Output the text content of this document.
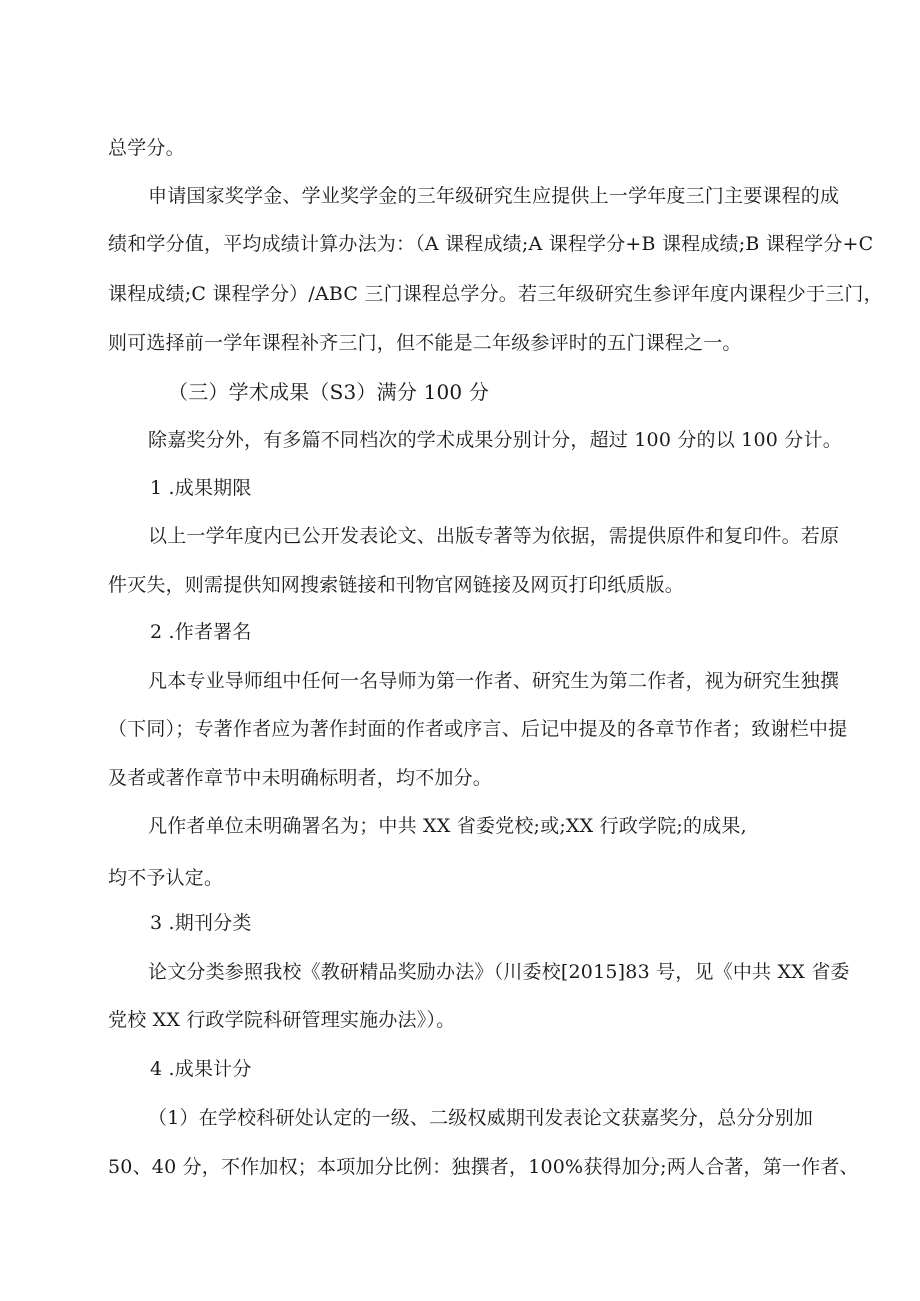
总学分。
申请国家奖学金、学业奖学金的三年级研究生应提供上一学年度三门主要课程的成
绩和学分值，平均成绩计算办法为：（A 课程成绩;A 课程学分+B 课程成绩;B 课程学分+C
课程成绩;C 课程学分）/ABC 三门课程总学分。若三年级研究生参评年度内课程少于三门，
则可选择前一学年课程补齐三门，但不能是二年级参评时的五门课程之一。
（三）学术成果（S3）满分 100 分
除嘉奖分外，有多篇不同档次的学术成果分别计分，超过 100 分的以 100 分计。
1 .成果期限
以上一学年度内已公开发表论文、出版专著等为依据，需提供原件和复印件。若原
件灭失，则需提供知网搜索链接和刊物官网链接及网页打印纸质版。
2 .作者署名
凡本专业导师组中任何一名导师为第一作者、研究生为第二作者，视为研究生独撰
（下同）；专著作者应为著作封面的作者或序言、后记中提及的各章节作者；致谢栏中提
及者或著作章节中未明确标明者，均不加分。
凡作者单位未明确署名为；中共 XX 省委党校;或;XX 行政学院;的成果,
均不予认定。
3 .期刊分类
论文分类参照我校《教研精品奖励办法》（川委校[2015]83 号，见《中共 XX 省委
党校 XX 行政学院科研管理实施办法》）。
4 .成果计分
（1）在学校科研处认定的一级、二级权威期刊发表论文获嘉奖分，总分分别加
50、40 分，不作加权；本项加分比例：独撰者，100%获得加分;两人合著，第一作者、
